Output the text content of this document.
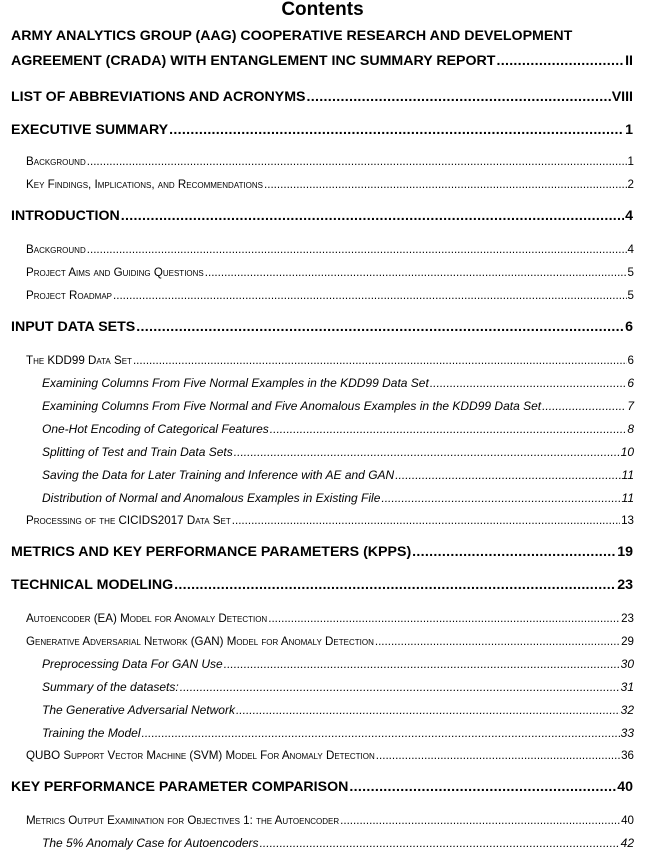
Contents
ARMY ANALYTICS GROUP (AAG) COOPERATIVE RESEARCH AND DEVELOPMENT
AGREEMENT (CRADA) WITH ENTANGLEMENT INC SUMMARY REPORT .....	II
LIST OF ABBREVIATIONS AND ACRONYMS .....	VIII
EXECUTIVE SUMMARY .....	1
Background .....	1
Key Findings, Implications, and Recommendations .....	2
INTRODUCTION .....	4
Background .....	4
Project Aims and Guiding Questions .....	5
Project Roadmap .....	5
INPUT DATA SETS .....	6
The KDD99 Data Set .....	6
Examining Columns From Five Normal Examples in the KDD99 Data Set .....	6
Examining Columns From Five Normal and Five Anomalous Examples in the KDD99 Data Set .....	7
One-Hot Encoding of Categorical Features .....	8
Splitting of Test and Train Data Sets .....	10
Saving the Data for Later Training and Inference with AE and GAN .....	11
Distribution of Normal and Anomalous Examples in Existing File .....	11
Processing of the CICIDS2017 Data Set .....	13
METRICS AND KEY PERFORMANCE PARAMETERS (KPPS) .....	19
TECHNICAL MODELING .....	23
Autoencoder (EA) Model for Anomaly Detection .....	23
Generative Adversarial Network (GAN) Model for Anomaly Detection .....	29
Preprocessing Data For GAN Use .....	30
Summary of the datasets: .....	31
The Generative Adversarial Network .....	32
Training the Model .....	33
QUBO Support Vector Machine (SVM) Model For Anomaly Detection .....	36
KEY PERFORMANCE PARAMETER COMPARISON .....	40
Metrics Output Examination for Objectives 1: the Autoencoder .....	40
The 5% Anomaly Case for Autoencoders .....	42
